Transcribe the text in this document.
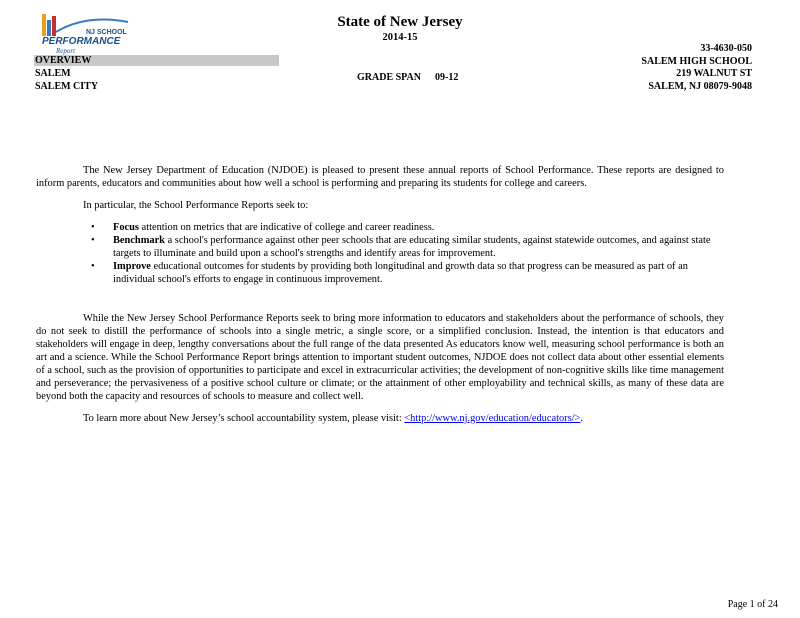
NJ SCHOOL
PERFORMANCE
Report
State of New Jersey
2014-15
OVERVIEW
SALEM
SALEM CITY
GRADE SPAN 09-12
33-4630-050
SALEM HIGH SCHOOL
219 WALNUT ST
SALEM, NJ 08079-9048

The New Jersey Department of Education (NJDOE) is pleased to present these annual reports of School Performance. These reports are designed to inform parents, educators and communities about how well a school is performing and preparing its students for college and careers.

In particular, the School Performance Reports seek to:

• Focus attention on metrics that are indicative of college and career readiness.
• Benchmark a school's performance against other peer schools that are educating similar students, against statewide outcomes, and against state targets to illuminate and build upon a school's strengths and identify areas for improvement.
• Improve educational outcomes for students by providing both longitudinal and growth data so that progress can be measured as part of an individual school's efforts to engage in continuous improvement.

While the New Jersey School Performance Reports seek to bring more information to educators and stakeholders about the performance of schools, they do not seek to distill the performance of schools into a single metric, a single score, or a simplified conclusion. Instead, the intention is that educators and stakeholders will engage in deep, lengthy conversations about the full range of the data presented As educators know well, measuring school performance is both an art and a science. While the School Performance Report brings attention to important student outcomes, NJDOE does not collect data about other essential elements of a school, such as the provision of opportunities to participate and excel in extracurricular activities; the development of non-cognitive skills like time management and perseverance; the pervasiveness of a positive school culture or climate; or the attainment of other employability and technical skills, as many of these data are beyond both the capacity and resources of schools to measure and collect well.

To learn more about New Jersey’s school accountability system, please visit: <http://www.nj.gov/education/educators/>.

Page 1 of 24
